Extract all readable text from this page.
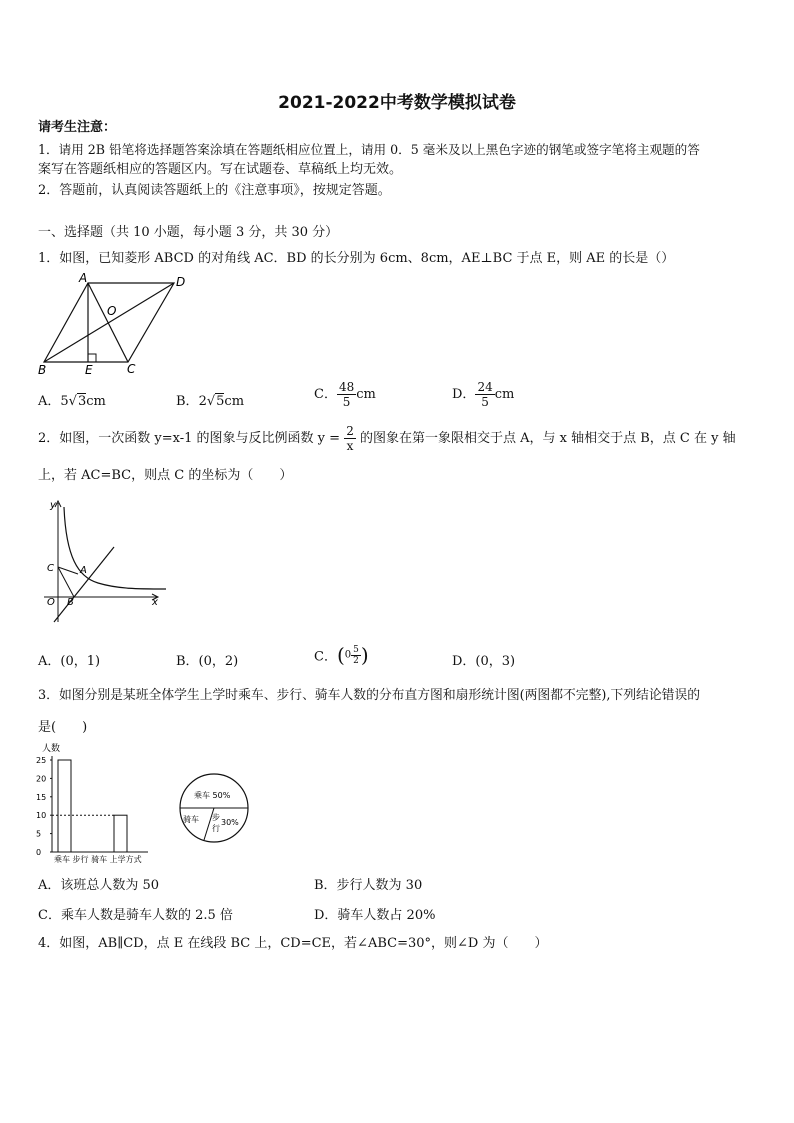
2021-2022中考数学模拟试卷
请考生注意：
1．请用 2B 铅笔将选择题答案涂填在答题纸相应位置上，请用 0．5 毫米及以上黑色字迹的钢笔或签字笔将主观题的答
案写在答题纸相应的答题区内。写在试题卷、草稿纸上均无效。
2．答题前，认真阅读答题纸上的《注意事项》，按规定答题。
一、选择题（共 10 小题，每小题 3 分，共 30 分）
1．如图，已知菱形 ABCD 的对角线 AC．BD 的长分别为 6cm、8cm，AE⊥BC 于点 E，则 AE 的长是（）
A	D
O
B	E	C
A．5√3cm	B．2√5cm	C． $\frac{48}{5}$ cm	D． $\frac{24}{5}$ cm
2．如图，一次函数 y=x-1 的图象与反比例函数 $y = \frac{2}{x}$ 的图象在第一象限相交于点 A，与 x 轴相交于点 B，点 C 在 y 轴
上，若 AC=BC，则点 C 的坐标为（　　）
y
x
C	A
O B
A．(0，1)	B．(0，2)	C．($0 \frac{5}{2}$ )	D．(0，3)
3．如图分别是某班全体学生上学时乘车、步行、骑车人数的分布直方图和扇形统计图(两图都不完整),下列结论错误的
是(　　)
人数
25
20
15
10
5
0
乘车 步行 骑车 上学方式
乘车 50%
骑车 步
行
30%
A．该班总人数为 50	B．步行人数为 30
C．乘车人数是骑车人数的 2.5 倍	D．骑车人数占 20%
4．如图，AB∥CD，点 E 在线段 BC 上，CD=CE，若∠ABC=30°，则∠D 为（　　）
